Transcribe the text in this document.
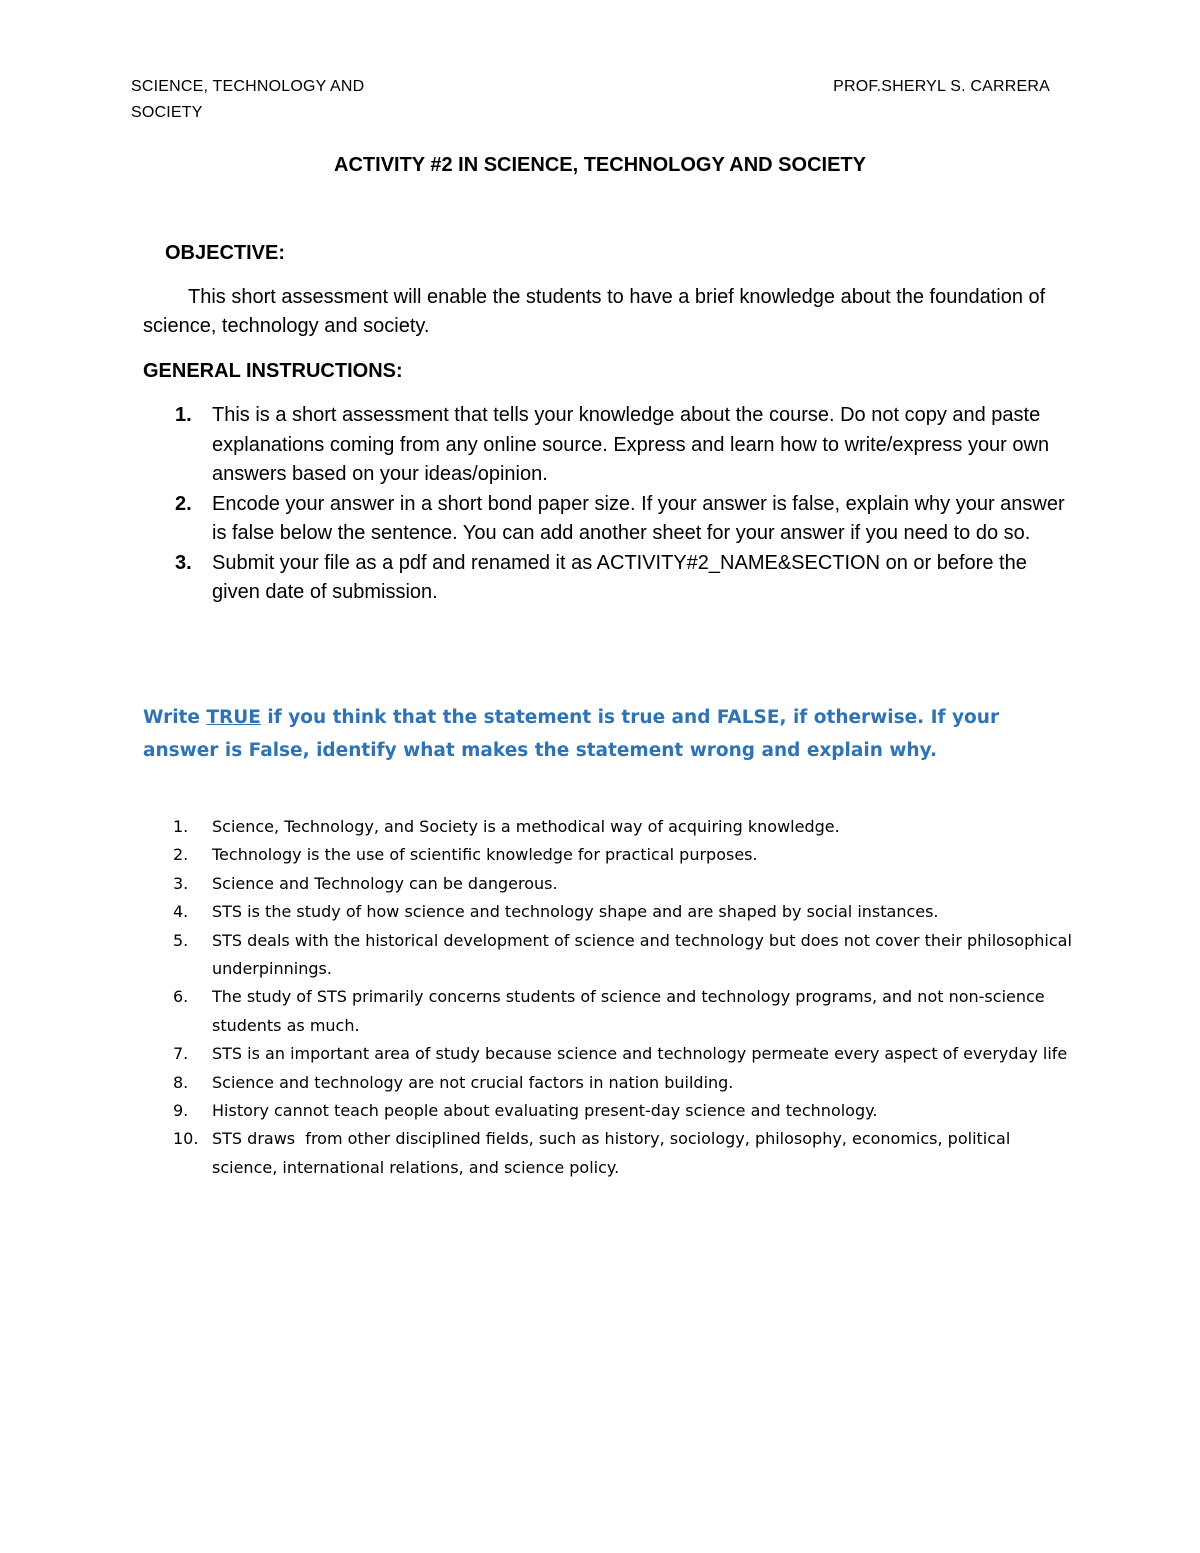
SCIENCE, TECHNOLOGY AND SOCIETY
PROF.SHERYL S. CARRERA
ACTIVITY #2 IN SCIENCE, TECHNOLOGY AND SOCIETY
OBJECTIVE:
This short assessment will enable the students to have a brief knowledge about the foundation of science, technology and society.
GENERAL INSTRUCTIONS:
1. This is a short assessment that tells your knowledge about the course. Do not copy and paste explanations coming from any online source. Express and learn how to write/express your own answers based on your ideas/opinion.
2. Encode your answer in a short bond paper size. If your answer is false, explain why your answer is false below the sentence. You can add another sheet for your answer if you need to do so.
3. Submit your file as a pdf and renamed it as ACTIVITY#2_NAME&SECTION on or before the given date of submission.
Write TRUE if you think that the statement is true and FALSE, if otherwise. If your answer is False, identify what makes the statement wrong and explain why.
1. Science, Technology, and Society is a methodical way of acquiring knowledge.
2. Technology is the use of scientific knowledge for practical purposes.
3. Science and Technology can be dangerous.
4. STS is the study of how science and technology shape and are shaped by social instances.
5. STS deals with the historical development of science and technology but does not cover their philosophical underpinnings.
6. The study of STS primarily concerns students of science and technology programs, and not non-science students as much.
7. STS is an important area of study because science and technology permeate every aspect of everyday life
8. Science and technology are not crucial factors in nation building.
9. History cannot teach people about evaluating present-day science and technology.
10. STS draws  from other disciplined fields, such as history, sociology, philosophy, economics, political science, international relations, and science policy.
